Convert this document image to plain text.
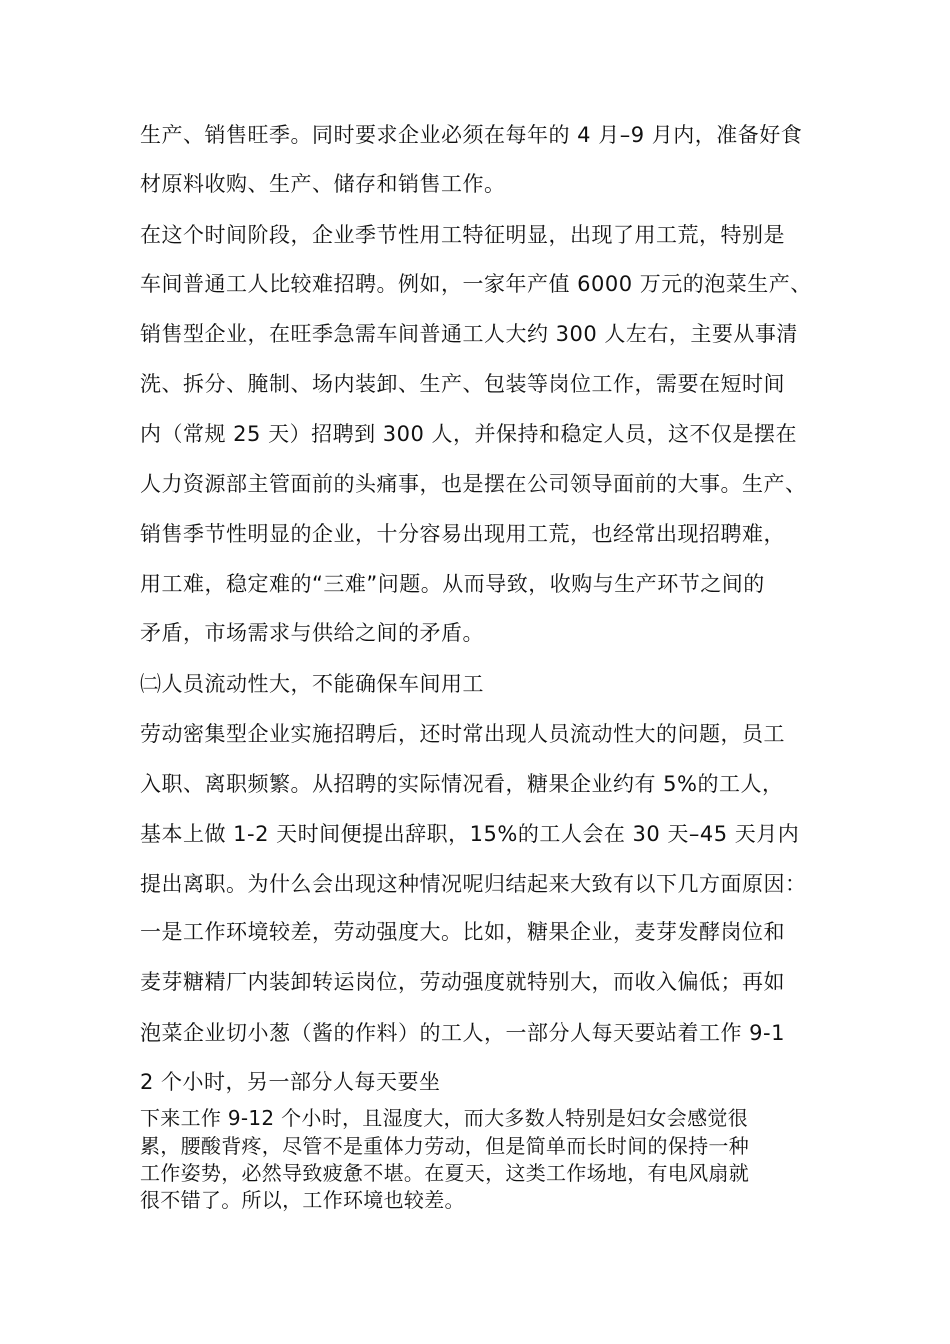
生产、销售旺季。同时要求企业必须在每年的 4 月–9 月内，准备好食
材原料收购、生产、储存和销售工作。
在这个时间阶段，企业季节性用工特征明显，出现了用工荒，特别是
车间普通工人比较难招聘。例如，一家年产值 6000 万元的泡菜生产、
销售型企业，在旺季急需车间普通工人大约 300 人左右，主要从事清
洗、拆分、腌制、场内装卸、生产、包装等岗位工作，需要在短时间
内（常规 25 天）招聘到 300 人，并保持和稳定人员，这不仅是摆在
人力资源部主管面前的头痛事，也是摆在公司领导面前的大事。生产、
销售季节性明显的企业，十分容易出现用工荒，也经常出现招聘难，
用工难，稳定难的“三难”问题。从而导致，收购与生产环节之间的
矛盾，市场需求与供给之间的矛盾。
㈡人员流动性大，不能确保车间用工
劳动密集型企业实施招聘后，还时常出现人员流动性大的问题，员工
入职、离职频繁。从招聘的实际情况看，糖果企业约有 5%的工人，
基本上做 1-2 天时间便提出辞职，15%的工人会在 30 天–45 天月内
提出离职。为什么会出现这种情况呢归结起来大致有以下几方面原因：
一是工作环境较差，劳动强度大。比如，糖果企业，麦芽发酵岗位和
麦芽糖精厂内装卸转运岗位，劳动强度就特别大，而收入偏低；再如
泡菜企业切小葱（酱的作料）的工人，一部分人每天要站着工作 9-1
2 个小时，另一部分人每天要坐
下来工作 9-12 个小时，且湿度大，而大多数人特别是妇女会感觉很
累，腰酸背疼，尽管不是重体力劳动，但是简单而长时间的保持一种
工作姿势，必然导致疲惫不堪。在夏天，这类工作场地，有电风扇就
很不错了。所以，工作环境也较差。
